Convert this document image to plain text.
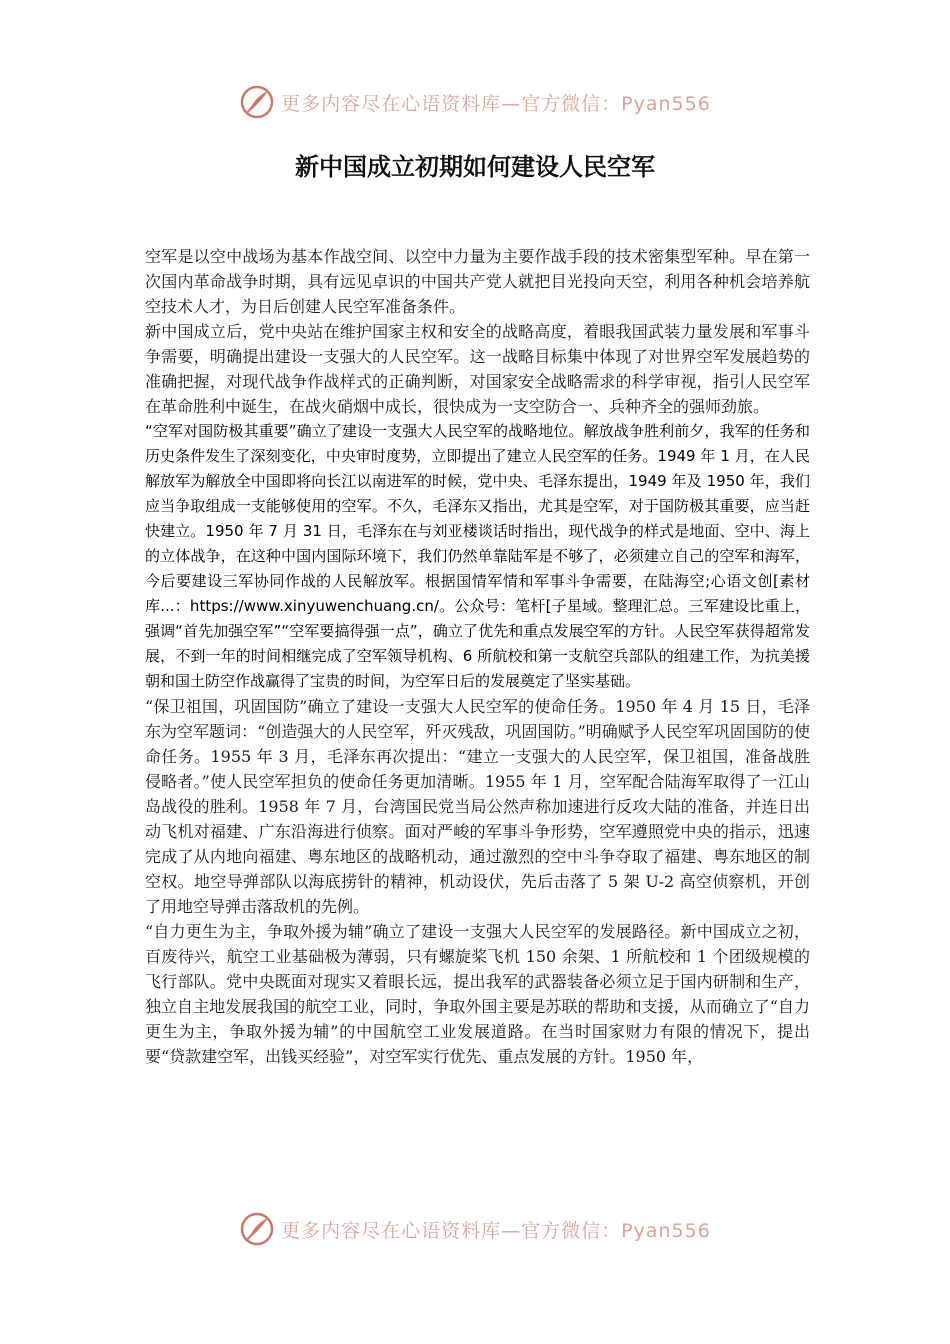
更多内容尽在心语资料库—官方微信：Pyan556
新中国成立初期如何建设人民空军

空军是以空中战场为基本作战空间、以空中力量为主要作战手段的技术密集型军种。早在第一次国内革命战争时期，具有远见卓识的中国共产党人就把目光投向天空，利用各种机会培养航空技术人才，为日后创建人民空军准备条件。

新中国成立后，党中央站在维护国家主权和安全的战略高度，着眼我国武装力量发展和军事斗争需要，明确提出建设一支强大的人民空军。这一战略目标集中体现了对世界空军发展趋势的准确把握，对现代战争作战样式的正确判断，对国家安全战略需求的科学审视，指引人民空军在革命胜利中诞生，在战火硝烟中成长，很快成为一支空防合一、兵种齐全的强师劲旅。

“空军对国防极其重要”确立了建设一支强大人民空军的战略地位。解放战争胜利前夕，我军的任务和历史条件发生了深刻变化，中央审时度势，立即提出了建立人民空军的任务。1949 年 1 月，在人民解放军为解放全中国即将向长江以南进军的时候，党中央、毛泽东提出，1949 年及 1950 年，我们应当争取组成一支能够使用的空军。不久，毛泽东又指出，尤其是空军，对于国防极其重要，应当赶快建立。1950 年 7 月 31 日，毛泽东在与刘亚楼谈话时指出，现代战争的样式是地面、空中、海上的立体战争，在这种中国内国际环境下，我们仍然单靠陆军是不够了，必须建立自己的空军和海军，今后要建设三军协同作战的人民解放军。根据国情军情和军事斗争需要，在陆海空;心语文创[素材库...：https://www.xinyuwenchuang.cn/。公众号：笔杆[子星域。整理汇总。三军建设比重上，强调“首先加强空军”“空军要搞得强一点”，确立了优先和重点发展空军的方针。人民空军获得超常发展，不到一年的时间相继完成了空军领导机构、6 所航校和第一支航空兵部队的组建工作，为抗美援朝和国土防空作战赢得了宝贵的时间，为空军日后的发展奠定了坚实基础。

“保卫祖国，巩固国防”确立了建设一支强大人民空军的使命任务。1950 年 4 月 15 日，毛泽东为空军题词：“创造强大的人民空军，歼灭残敌，巩固国防。”明确赋予人民空军巩固国防的使命任务。1955 年 3 月，毛泽东再次提出：“建立一支强大的人民空军，保卫祖国，准备战胜侵略者。”使人民空军担负的使命任务更加清晰。1955 年 1 月，空军配合陆海军取得了一江山岛战役的胜利。1958 年 7 月，台湾国民党当局公然声称加速进行反攻大陆的准备，并连日出动飞机对福建、广东沿海进行侦察。面对严峻的军事斗争形势，空军遵照党中央的指示，迅速完成了从内地向福建、粤东地区的战略机动，通过激烈的空中斗争夺取了福建、粤东地区的制空权。地空导弹部队以海底捞针的精神，机动设伏，先后击落了 5 架 U-2 高空侦察机，开创了用地空导弹击落敌机的先例。

“自力更生为主，争取外援为辅”确立了建设一支强大人民空军的发展路径。新中国成立之初，百废待兴，航空工业基础极为薄弱，只有螺旋桨飞机 150 余架、1 所航校和 1 个团级规模的飞行部队。党中央既面对现实又着眼长远，提出我军的武器装备必须立足于国内研制和生产，独立自主地发展我国的航空工业，同时，争取外国主要是苏联的帮助和支援，从而确立了“自力更生为主，争取外援为辅”的中国航空工业发展道路。在当时国家财力有限的情况下，提出要“贷款建空军，出钱买经验”，对空军实行优先、重点发展的方针。1950 年，

更多内容尽在心语资料库—官方微信：Pyan556
